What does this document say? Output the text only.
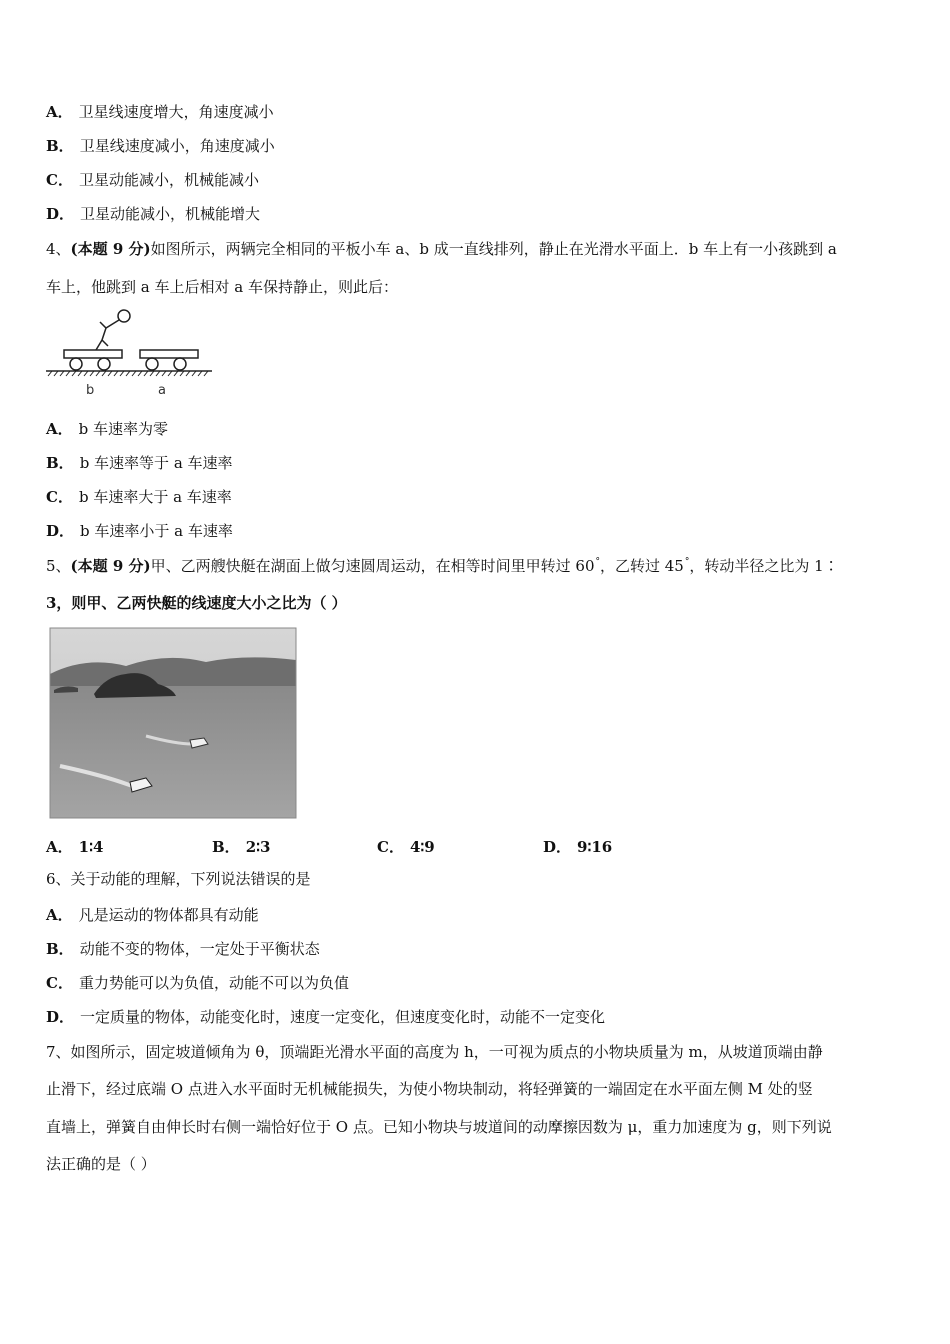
A． 卫星线速度增大，角速度减小
B． 卫星线速度减小，角速度减小
C． 卫星动能减小，机械能减小
D． 卫星动能减小，机械能增大
4、(本题 9 分)如图所示，两辆完全相同的平板小车 a、b 成一直线排列，静止在光滑水平面上．b 车上有一小孩跳到 a
车上，他跳到 a 车上后相对 a 车保持静止，则此后：
b	a
A． b 车速率为零
B． b 车速率等于 a 车速率
C． b 车速率大于 a 车速率
D． b 车速率小于 a 车速率
5、(本题 9 分)甲、乙两艘快艇在湖面上做匀速圆周运动，在相等时间里甲转过 60°，乙转过 45°，转动半径之比为 1∶
3，则甲、乙两快艇的线速度大小之比为（ ）
A． 1∶4	B． 2∶3	C． 4∶9	D． 9∶16
6、关于动能的理解，下列说法错误的是
A． 凡是运动的物体都具有动能
B． 动能不变的物体，一定处于平衡状态
C． 重力势能可以为负值，动能不可以为负值
D． 一定质量的物体，动能变化时，速度一定变化，但速度变化时，动能不一定变化
7、如图所示，固定坡道倾角为 θ，顶端距光滑水平面的高度为 h，一可视为质点的小物块质量为 m，从坡道顶端由静
止滑下，经过底端 O 点进入水平面时无机械能损失，为使小物块制动，将轻弹簧的一端固定在水平面左侧 M 处的竖
直墙上，弹簧自由伸长时右侧一端恰好位于 O 点。已知小物块与坡道间的动摩擦因数为 μ，重力加速度为 g，则下列说
法正确的是（ ）
